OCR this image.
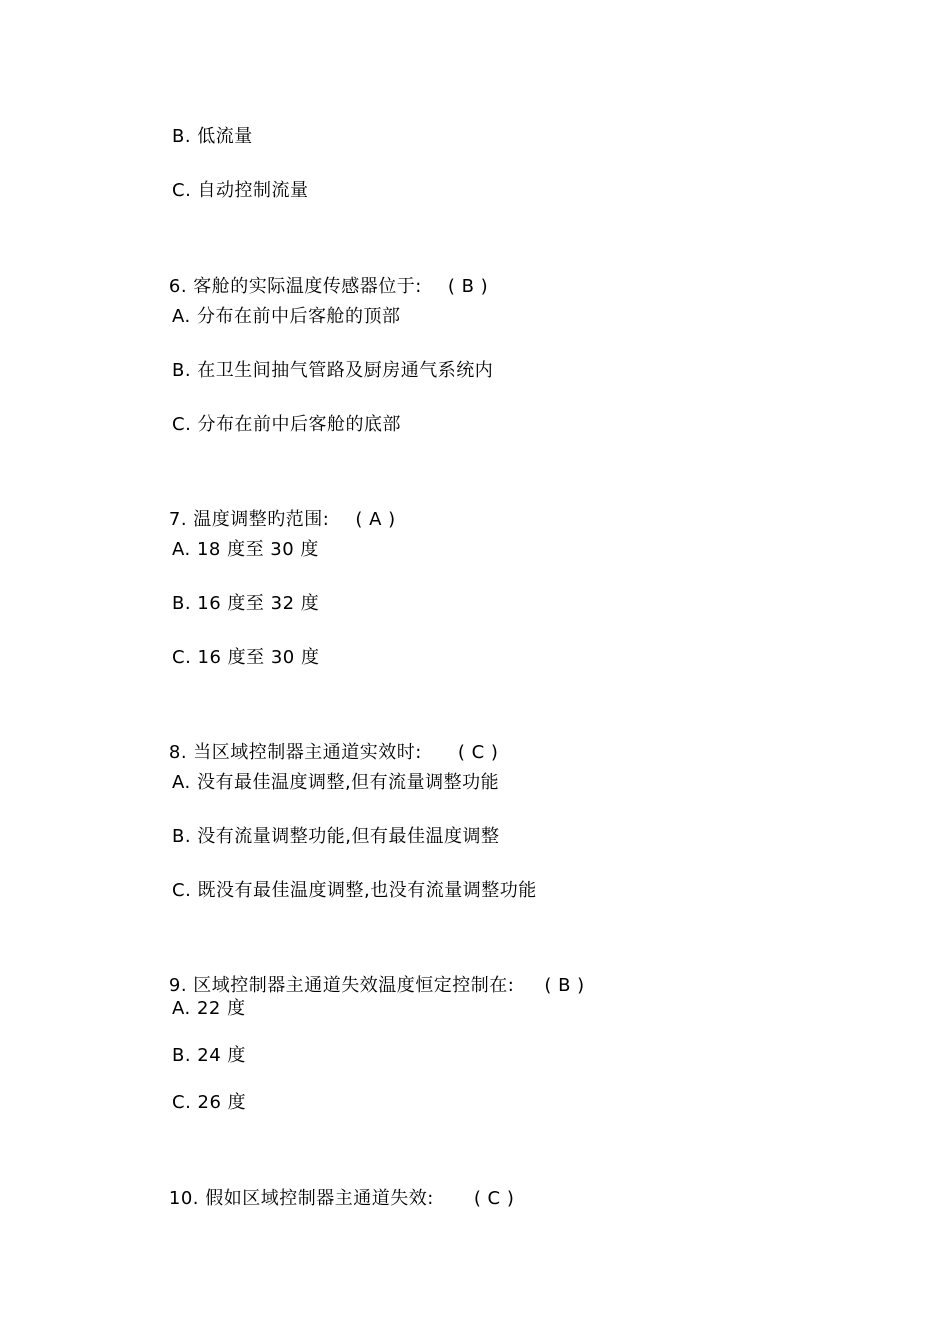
B. 低流量
C. 自动控制流量

6. 客舱的实际温度传感器位于: ( B )

A. 分布在前中后客舱的顶部
B. 在卫生间抽气管路及厨房通气系统内
C. 分布在前中后客舱的底部

7. 温度调整旳范围: ( A )

A. 18 度至 30 度
B. 16 度至 32 度
C. 16 度至 30 度

8. 当区域控制器主通道实效时: ( C )

A. 没有最佳温度调整,但有流量调整功能
B. 没有流量调整功能,但有最佳温度调整
C. 既没有最佳温度调整,也没有流量调整功能

9. 区域控制器主通道失效温度恒定控制在: ( B )

A. 22 度
B. 24 度
C. 26 度

10. 假如区域控制器主通道失效: ( C )
